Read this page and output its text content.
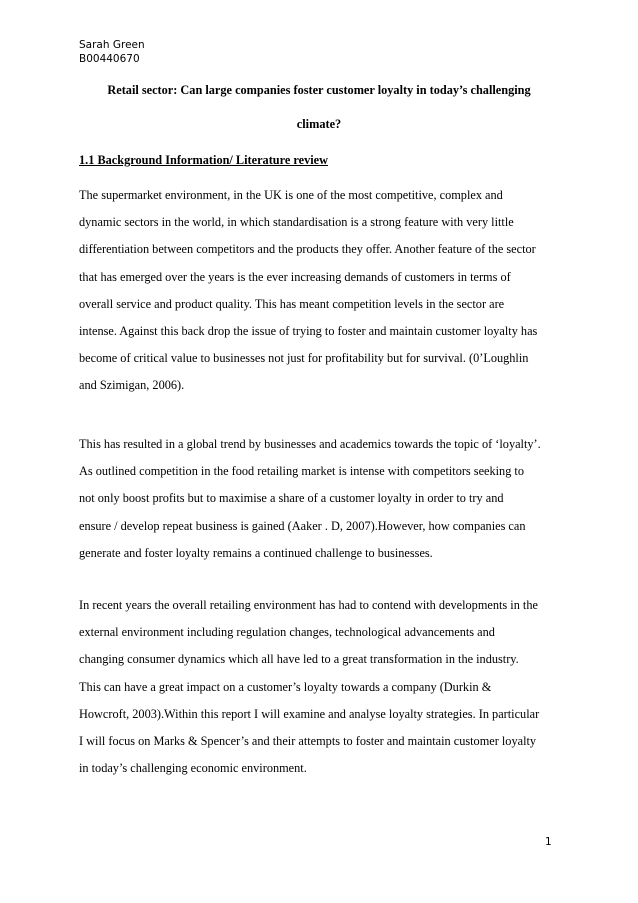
Sarah Green
B00440670
Retail sector: Can large companies foster customer loyalty in today’s challenging
climate?
1.1 Background Information/ Literature review
The supermarket environment, in the UK is one of the most competitive, complex and
dynamic sectors in the world, in which standardisation is a strong feature with very little
differentiation between competitors and the products they offer. Another feature of the sector
that has emerged over the years is the ever increasing demands of customers in terms of
overall service and product quality. This has meant competition levels in the sector are
intense. Against this back drop the issue of trying to foster and maintain customer loyalty has
become of critical value to businesses not just for profitability but for survival. (0’Loughlin
and Szimigan, 2006).
This has resulted in a global trend by businesses and academics towards the topic of ‘loyalty’.
As outlined competition in the food retailing market is intense with competitors seeking to
not only boost profits but to maximise a share of a customer loyalty in order to try and
ensure / develop repeat business is gained (Aaker . D, 2007).However, how companies can
generate and foster loyalty remains a continued challenge to businesses.
In recent years the overall retailing environment has had to contend with developments in the
external environment including regulation changes, technological advancements and
changing consumer dynamics which all have led to a great transformation in the industry.
This can have a great impact on a customer’s loyalty towards a company (Durkin &
Howcroft, 2003).Within this report I will examine and analyse loyalty strategies. In particular
I will focus on Marks & Spencer’s and their attempts to foster and maintain customer loyalty
in today’s challenging economic environment.
1
